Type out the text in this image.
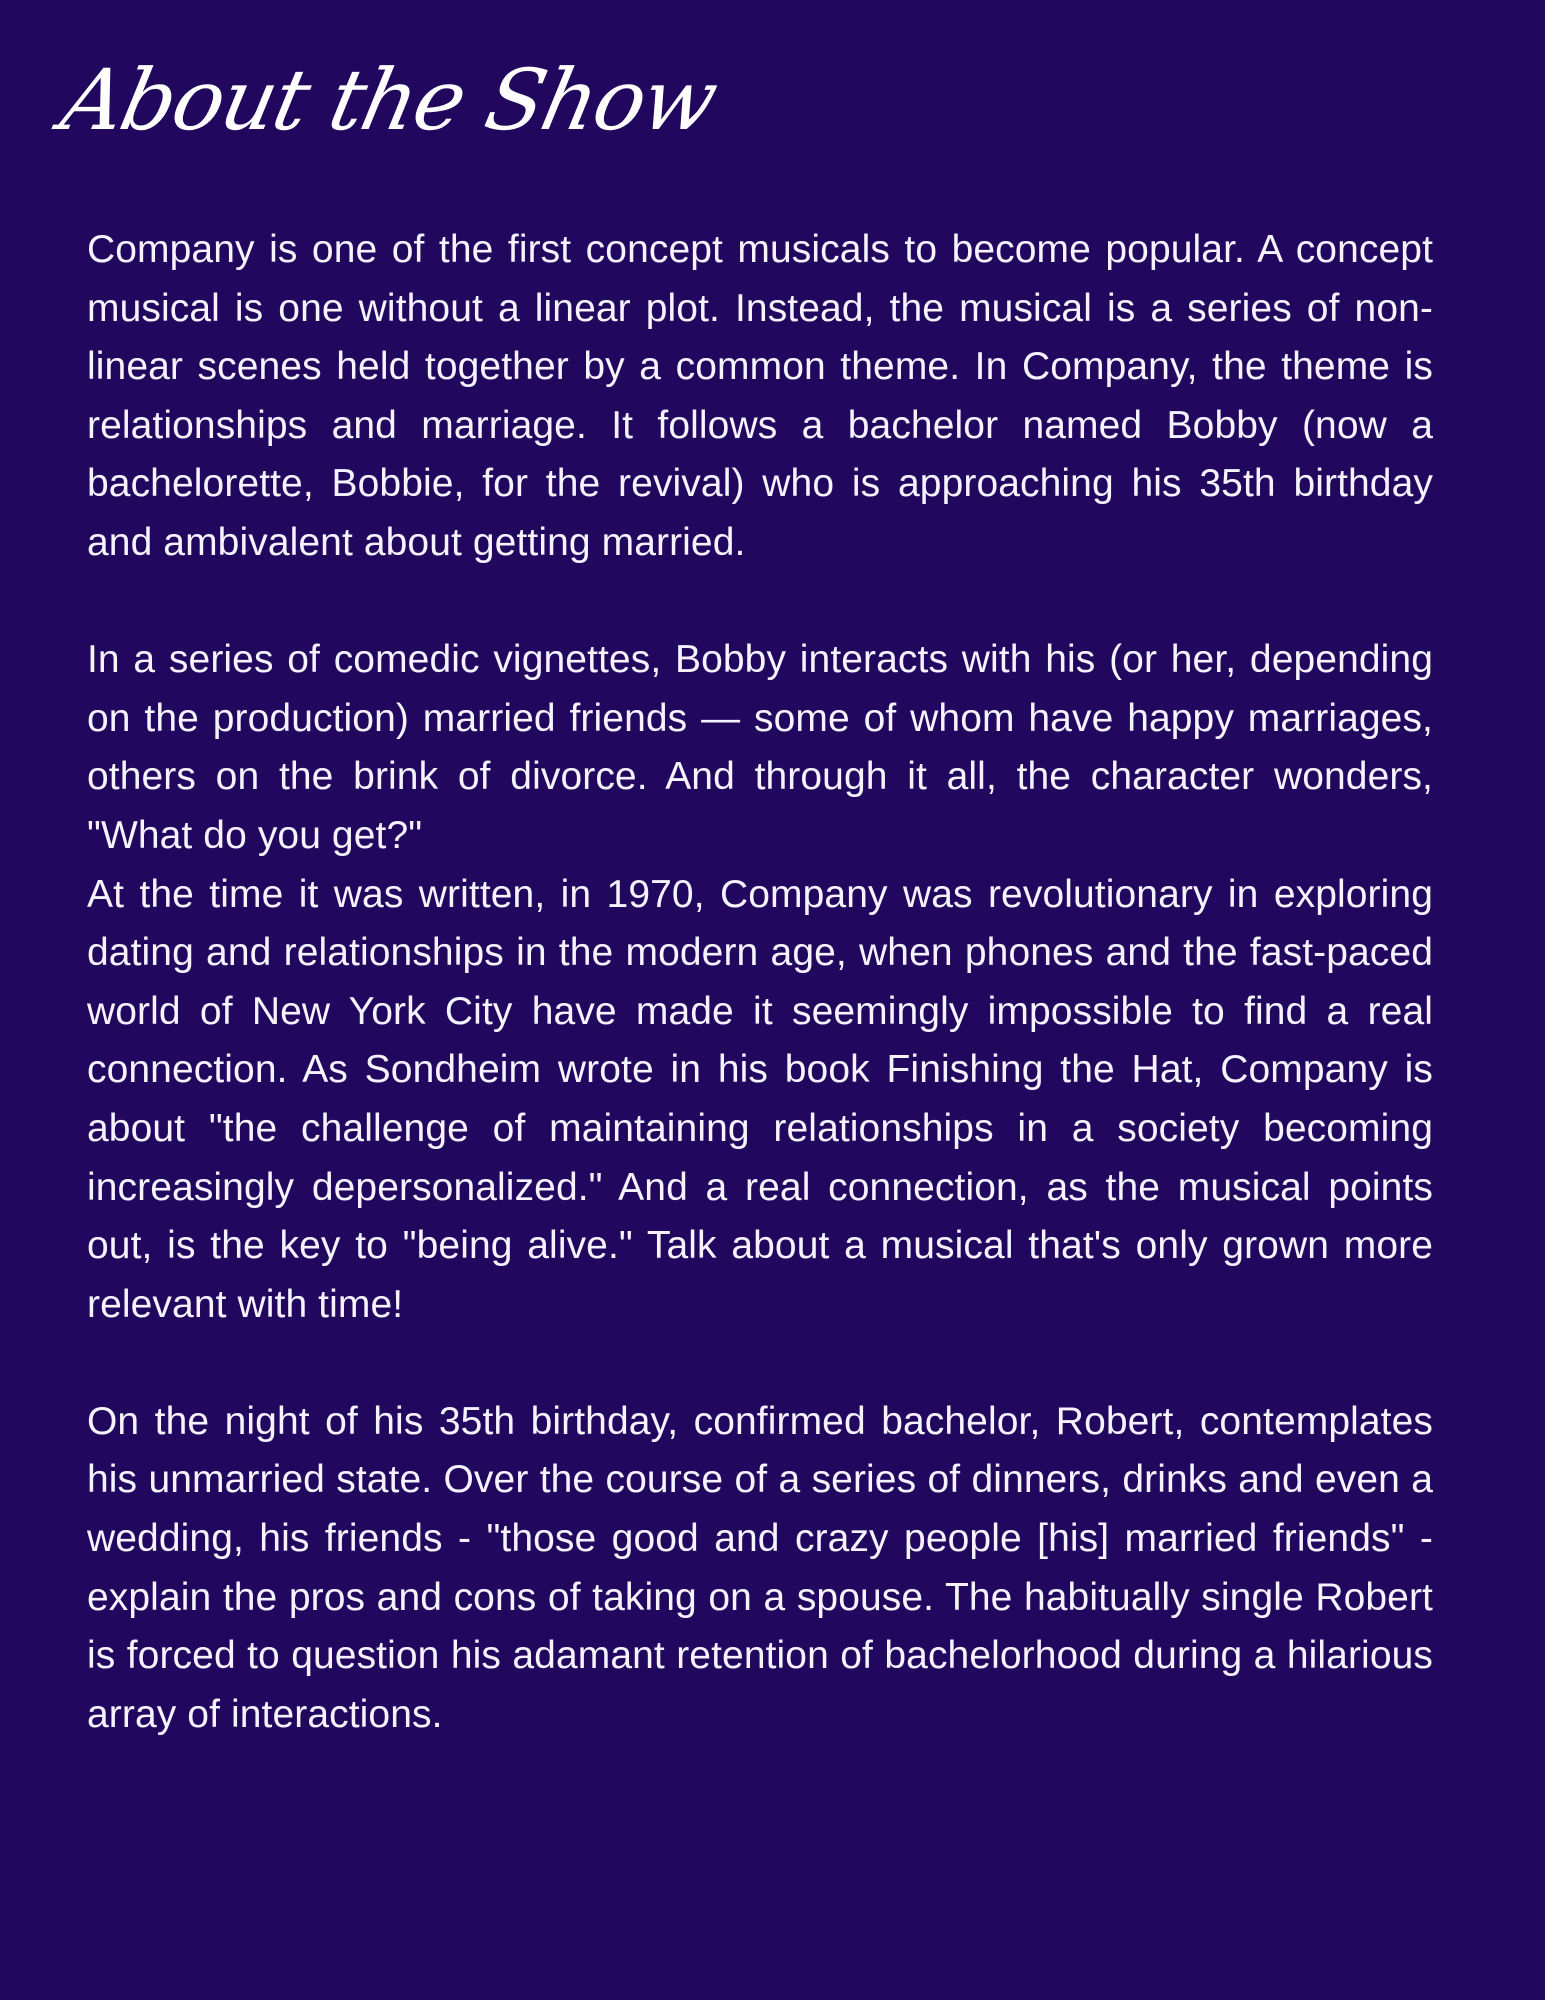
About the Show

Company is one of the first concept musicals to become popular. A concept musical is one without a linear plot. Instead, the musical is a series of non-linear scenes held together by a common theme. In Company, the theme is relationships and marriage. It follows a bachelor named Bobby (now a bachelorette, Bobbie, for the revival) who is approaching his 35th birthday and ambivalent about getting married.

In a series of comedic vignettes, Bobby interacts with his (or her, depending on the production) married friends — some of whom have happy marriages, others on the brink of divorce. And through it all, the character wonders, "What do you get?"

At the time it was written, in 1970, Company was revolutionary in exploring dating and relationships in the modern age, when phones and the fast-paced world of New York City have made it seemingly impossible to find a real connection. As Sondheim wrote in his book Finishing the Hat, Company is about "the challenge of maintaining relationships in a society becoming increasingly depersonalized." And a real connection, as the musical points out, is the key to "being alive." Talk about a musical that's only grown more relevant with time!

On the night of his 35th birthday, confirmed bachelor, Robert, contemplates his unmarried state. Over the course of a series of dinners, drinks and even a wedding, his friends - "those good and crazy people [his] married friends" - explain the pros and cons of taking on a spouse. The habitually single Robert is forced to question his adamant retention of bachelorhood during a hilarious array of interactions.
